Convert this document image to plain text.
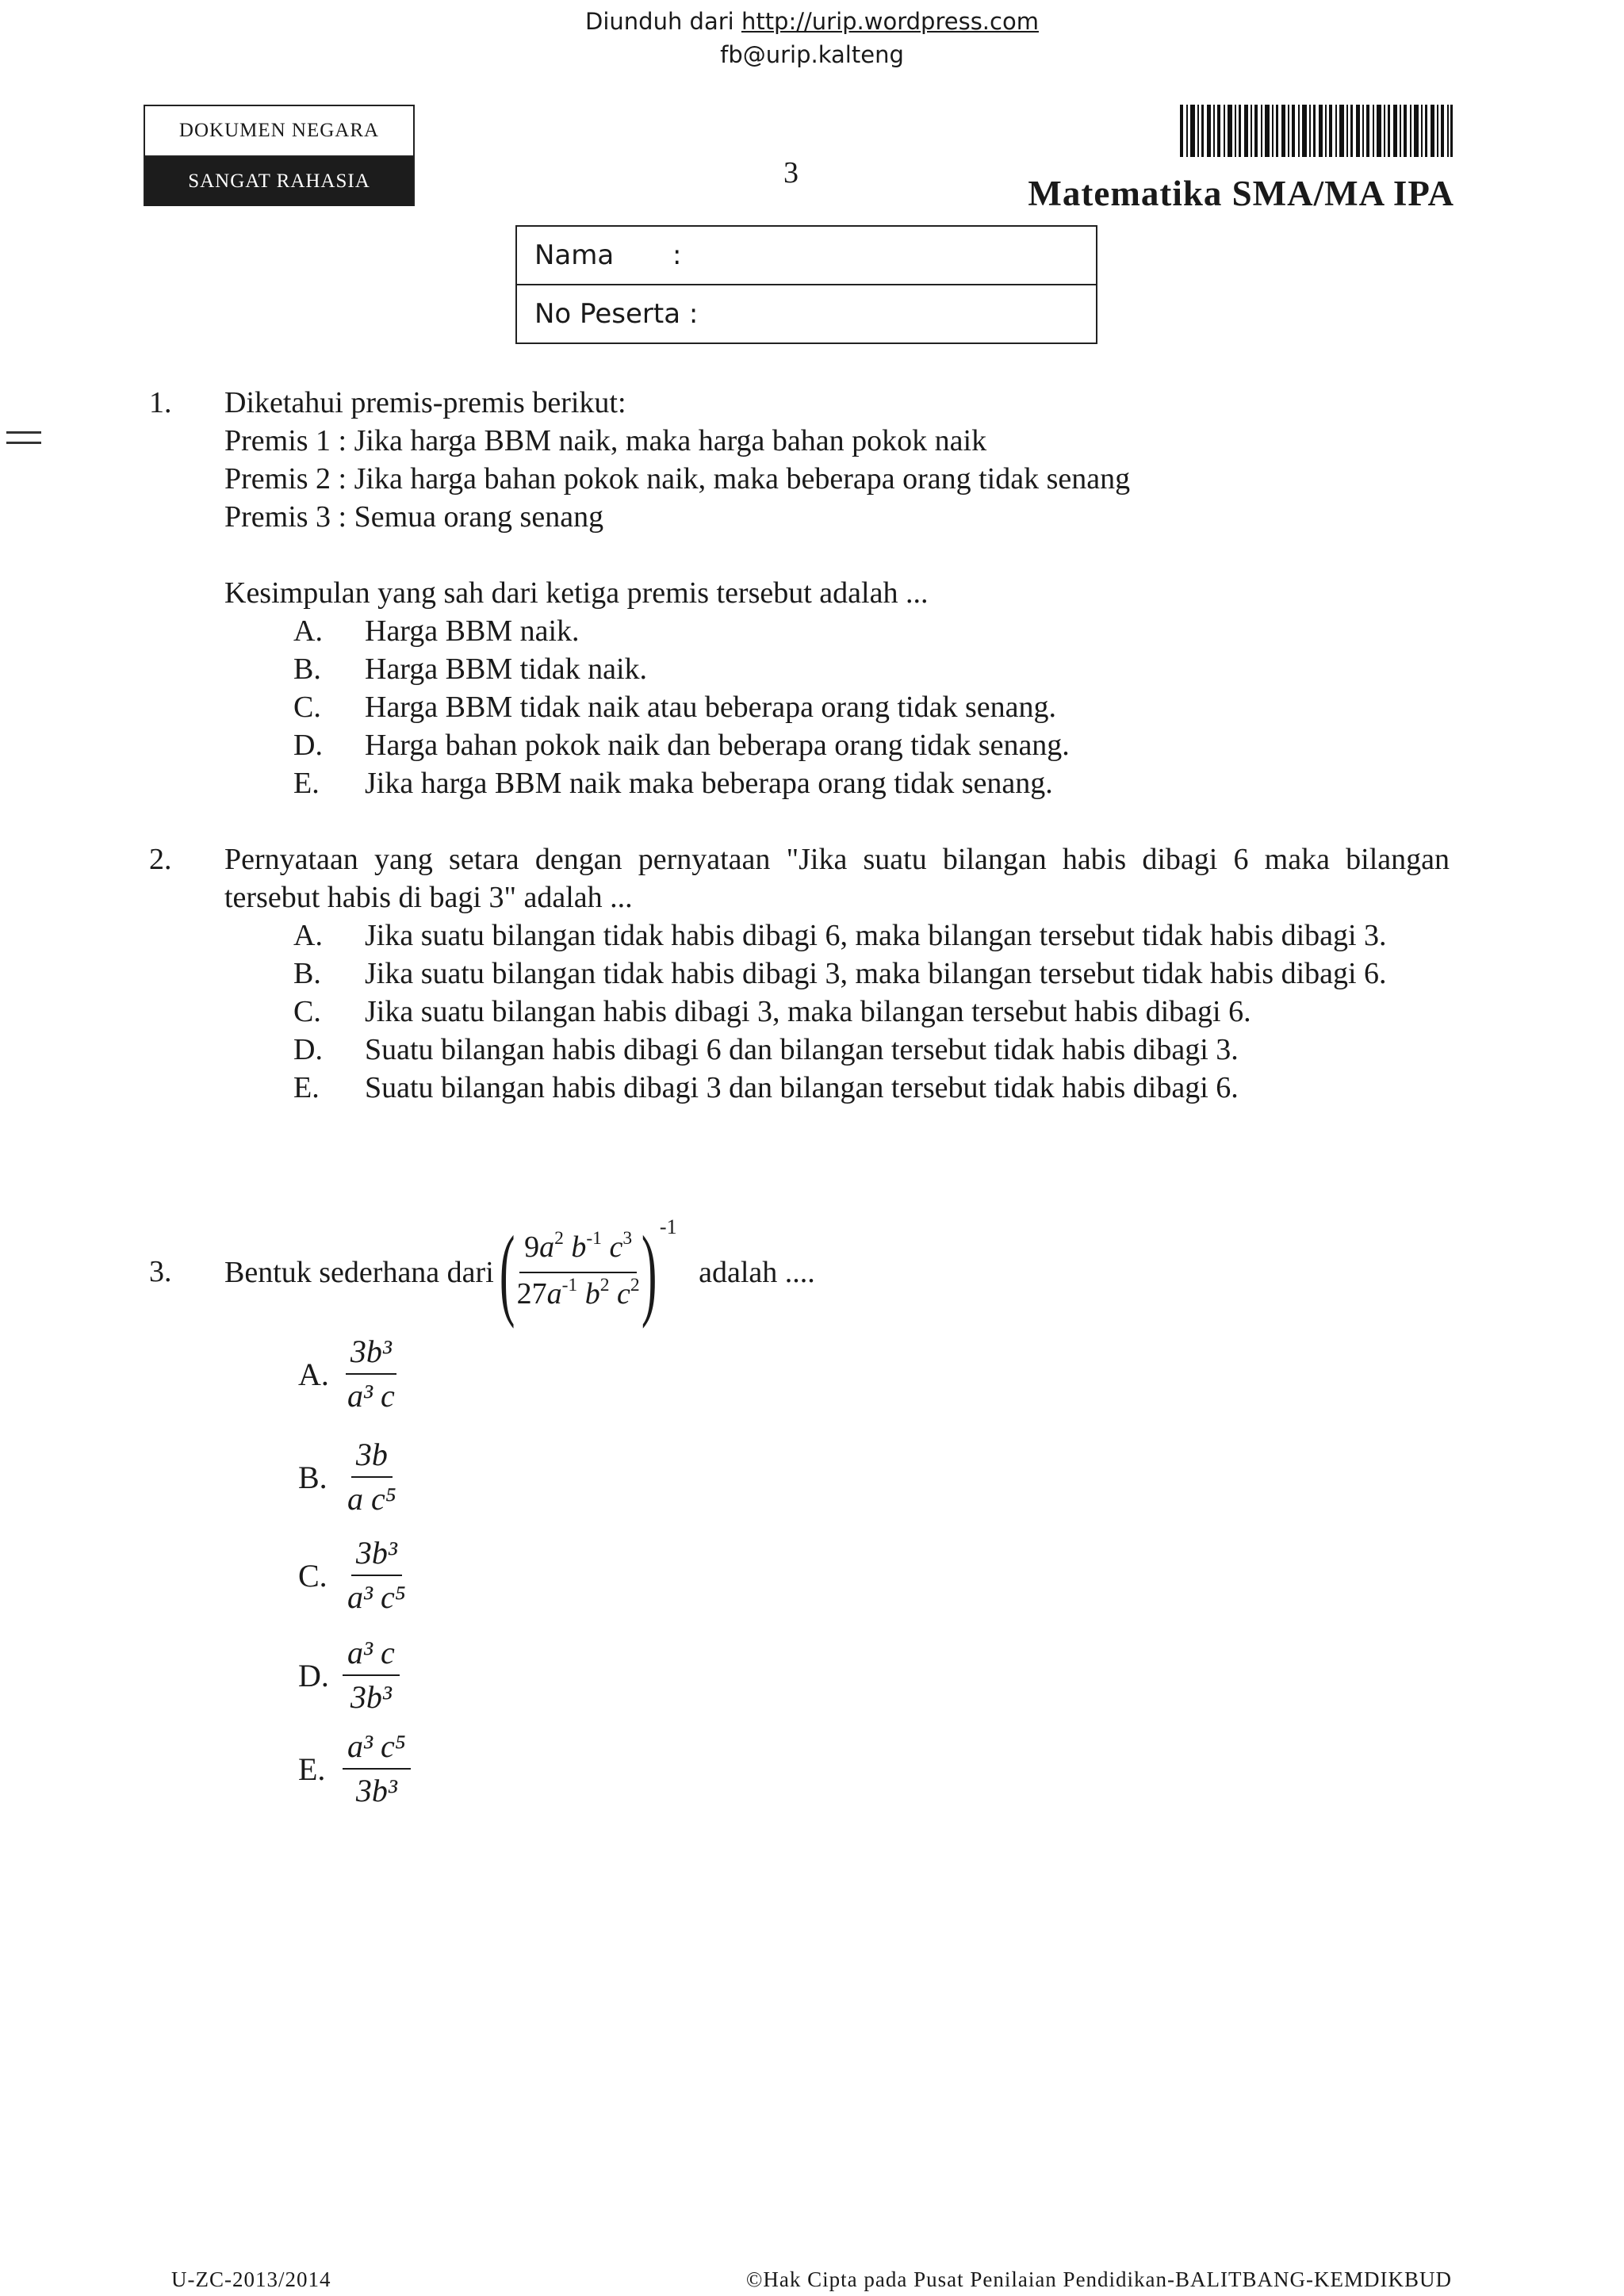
Diunduh dari http://urip.wordpress.com
fb@urip.kalteng
DOKUMEN NEGARA
SANGAT RAHASIA	3
Matematika SMA/MA IPA
Nama :
No Peserta :
1. Diketahui premis-premis berikut:
Premis 1 : Jika harga BBM naik, maka harga bahan pokok naik
Premis 2 : Jika harga bahan pokok naik, maka beberapa orang tidak senang
Premis 3 : Semua orang senang
Kesimpulan yang sah dari ketiga premis tersebut adalah ...
A. Harga BBM naik.
B. Harga BBM tidak naik.
C. Harga BBM tidak naik atau beberapa orang tidak senang.
D. Harga bahan pokok naik dan beberapa orang tidak senang.
E. Jika harga BBM naik maka beberapa orang tidak senang.
2. Pernyataan yang setara dengan pernyataan "Jika suatu bilangan habis dibagi 6 maka bilangan tersebut habis di bagi 3" adalah ...
A. Jika suatu bilangan tidak habis dibagi 6, maka bilangan tersebut tidak habis dibagi 3.
B. Jika suatu bilangan tidak habis dibagi 3, maka bilangan tersebut tidak habis dibagi 6.
C. Jika suatu bilangan habis dibagi 3, maka bilangan tersebut habis dibagi 6.
D. Suatu bilangan habis dibagi 6 dan bilangan tersebut tidak habis dibagi 3.
E. Suatu bilangan habis dibagi 3 dan bilangan tersebut tidak habis dibagi 6.
3. Bentuk sederhana dari (
$\frac{9a^2 b^{-1} c^3}{27a^{-1} b^2 c^2}$
) $^{-1}$ adalah ....
A. $\frac{\text{3b³}}{\text{a³ c}}$
B. $\frac{3b}{\text{a c⁵}}$
C. $\frac{\text{3b³}}{\text{a³ c⁵}}$
D. $\frac{\text{a³ c}}{\text{3b³}}$
E. $\frac{\text{a³ c⁵}}{\text{3b³}}$
U-ZC-2013/2014	©Hak Cipta pada Pusat Penilaian Pendidikan-BALITBANG-KEMDIKBUD
